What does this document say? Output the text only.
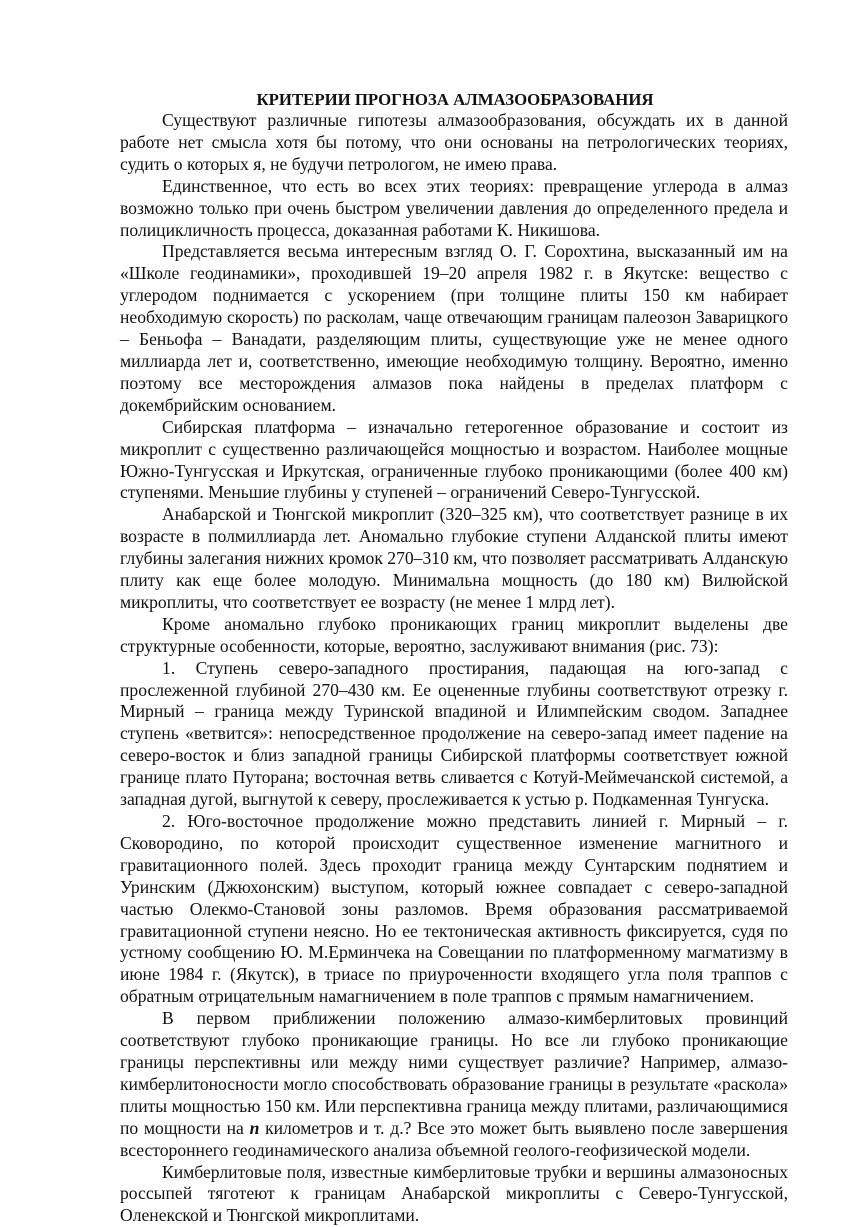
КРИТЕРИИ ПРОГНОЗА АЛМАЗООБРАЗОВАНИЯ

Существуют различные гипотезы алмазообразования, обсуждать их в данной работе нет смысла хотя бы потому, что они основаны на петрологических теориях, судить о которых я, не будучи петрологом, не имею права.

Единственное, что есть во всех этих теориях: превращение углерода в алмаз возможно только при очень быстром увеличении давления до определенного предела и полицикличность процесса, доказанная работами К. Никишова.

Представляется весьма интересным взгляд О. Г. Сорохтина, высказанный им на «Школе геодинамики», проходившей 19–20 апреля 1982 г. в Якутске: вещество с углеродом поднимается с ускорением (при толщине плиты 150 км набирает необходимую скорость) по расколам, чаще отвечающим границам палеозон Заварицкого – Беньофа – Ванадати, разделяющим плиты, существующие уже не менее одного миллиарда лет и, соответственно, имеющие необходимую толщину. Вероятно, именно поэтому все месторождения алмазов пока найдены в пределах платформ с докембрийским основанием.

Сибирская платформа – изначально гетерогенное образование и состоит из микроплит с существенно различающейся мощностью и возрастом. Наиболее мощные Южно-Тунгусская и Иркутская, ограниченные глубоко проникающими (более 400 км) ступенями. Меньшие глубины у ступеней – ограничений Северо-Тунгусской.

Анабарской и Тюнгской микроплит (320–325 км), что соответствует разнице в их возрасте в полмиллиарда лет. Аномально глубокие ступени Алданской плиты имеют глубины залегания нижних кромок 270–310 км, что позволяет рассматривать Алданскую плиту как еще более молодую. Минимальна мощность (до 180 км) Вилюйской микроплиты, что соответствует ее возрасту (не менее 1 млрд лет).

Кроме аномально глубоко проникающих границ микроплит выделены две структурные особенности, которые, вероятно, заслуживают внимания (рис. 73):

1. Ступень северо-западного простирания, падающая на юго-запад с прослеженной глубиной 270–430 км. Ее оцененные глубины соответствуют отрезку г. Мирный – граница между Туринской впадиной и Илимпейским сводом. Западнее ступень «ветвится»: непосредственное продолжение на северо-запад имеет падение на северо-восток и близ западной границы Сибирской платформы соответствует южной границе плато Путорана; восточная ветвь сливается с Котуй-Меймечанской системой, а западная дугой, выгнутой к северу, прослеживается к устью р. Подкаменная Тунгуска.

2. Юго-восточное продолжение можно представить линией г. Мирный – г. Сковородино, по которой происходит существенное изменение магнитного и гравитационного полей. Здесь проходит граница между Сунтарским поднятием и Уринским (Джюхонским) выступом, который южнее совпадает с северо-западной частью Олекмо-Становой зоны разломов. Время образования рассматриваемой гравитационной ступени неясно. Но ее тектоническая активность фиксируется, судя по устному сообщению Ю. М.Ерминчека на Совещании по платформенному магматизму в июне 1984 г. (Якутск), в триасе по приуроченности входящего угла поля траппов с обратным отрицательным намагничением в поле траппов с прямым намагничением.

В первом приближении положению алмазо-кимберлитовых провинций соответствуют глубоко проникающие границы. Но все ли глубоко проникающие границы перспективны или между ними существует различие? Например, алмазо-кимберлитоносности могло способствовать образование границы в результате «раскола» плиты мощностью 150 км. Или перспективна граница между плитами, различающимися по мощности на n километров и т. д.? Все это может быть выявлено после завершения всестороннего геодинамического анализа объемной геолого-геофизической модели.

Кимберлитовые поля, известные кимберлитовые трубки и вершины алмазоносных россыпей тяготеют к границам Анабарской микроплиты с Северо-Тунгусской, Оленекской и Тюнгской микроплитами.
